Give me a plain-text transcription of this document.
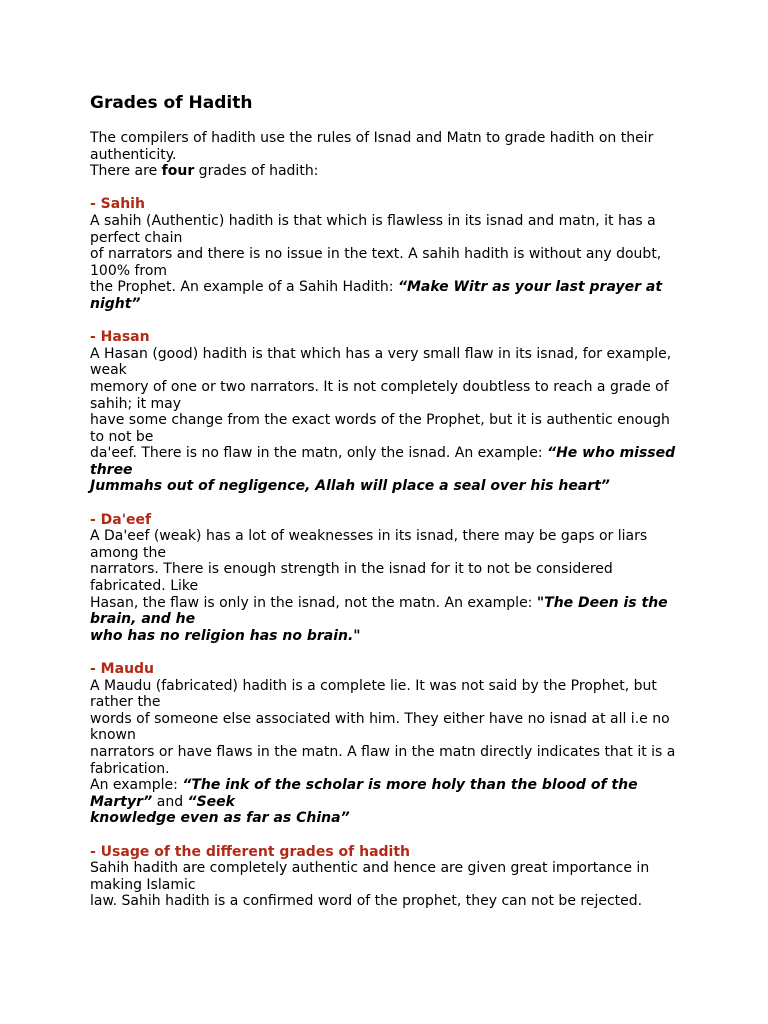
Grades of Hadith
The compilers of hadith use the rules of Isnad and Matn to grade hadith on their
authenticity.
There are four grades of hadith:
- Sahih
A sahih (Authentic) hadith is that which is flawless in its isnad and matn, it has a
perfect chain
of narrators and there is no issue in the text. A sahih hadith is without any doubt,
100% from
the Prophet. An example of a Sahih Hadith: “Make Witr as your last prayer at
night”
- Hasan
A Hasan (good) hadith is that which has a very small flaw in its isnad, for example,
weak
memory of one or two narrators. It is not completely doubtless to reach a grade of
sahih; it may
have some change from the exact words of the Prophet, but it is authentic enough
to not be
da'eef. There is no flaw in the matn, only the isnad. An example: “He who missed
three
Jummahs out of negligence, Allah will place a seal over his heart”
- Da'eef
A Da'eef (weak) has a lot of weaknesses in its isnad, there may be gaps or liars
among the
narrators. There is enough strength in the isnad for it to not be considered
fabricated. Like
Hasan, the flaw is only in the isnad, not the matn. An example: "The Deen is the
brain, and he
who has no religion has no brain."
- Maudu
A Maudu (fabricated) hadith is a complete lie. It was not said by the Prophet, but
rather the
words of someone else associated with him. They either have no isnad at all i.e no
known
narrators or have flaws in the matn. A flaw in the matn directly indicates that it is a
fabrication.
An example: “The ink of the scholar is more holy than the blood of the
Martyr” and “Seek
knowledge even as far as China”
- Usage of the different grades of hadith
Sahih hadith are completely authentic and hence are given great importance in
making Islamic
law. Sahih hadith is a confirmed word of the prophet, they can not be rejected.
